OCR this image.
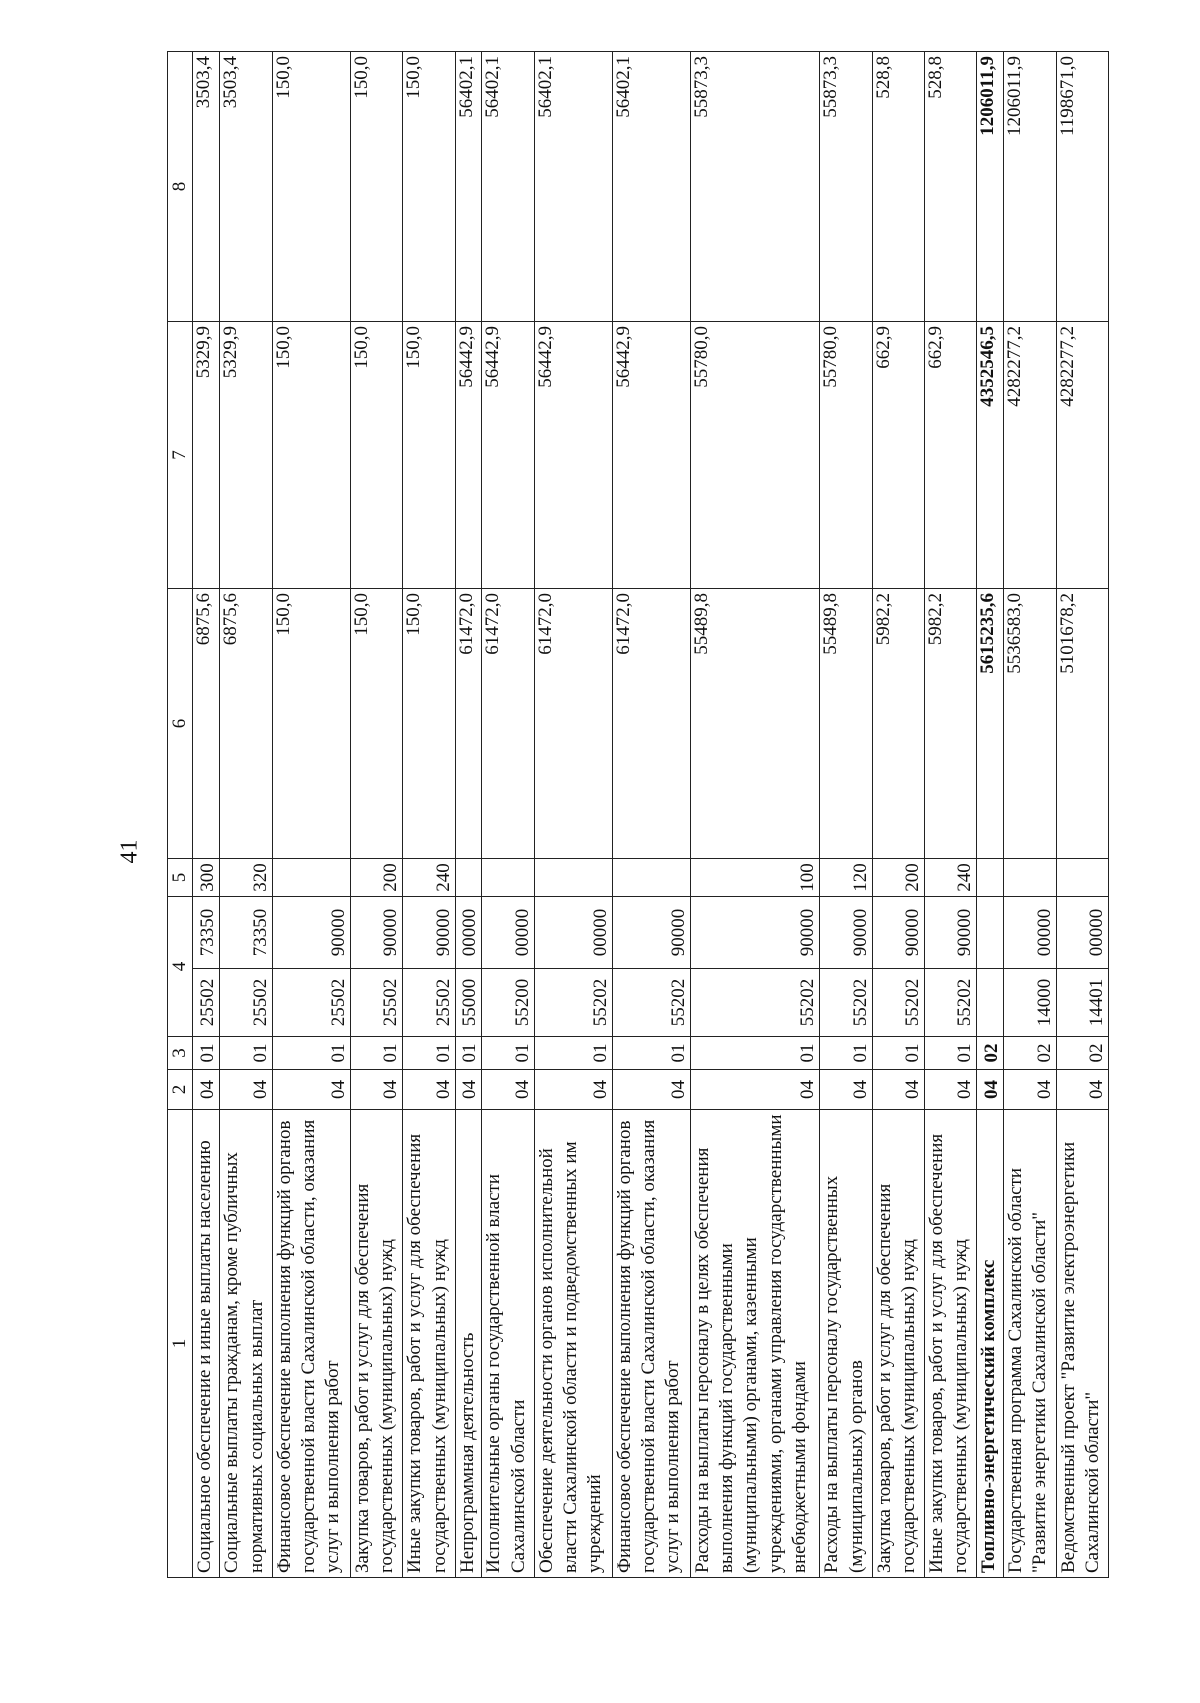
41
1	2	3	4		5	6	7	8
Социальное обеспечение и иные выплаты населению	04	01	25502	73350	300	6875,6	5329,9	3503,4
Социальные выплаты гражданам, кроме публичных нормативных социальных выплат	04	01	25502	73350	320	6875,6	5329,9	3503,4
Финансовое обеспечение выполнения функций органов государственной власти Сахалинской области, оказания услуг и выполнения работ	04	01	25502	90000		150,0	150,0	150,0
Закупка товаров, работ и услуг для обеспечения государственных (муниципальных) нужд	04	01	25502	90000	200	150,0	150,0	150,0
Иные закупки товаров, работ и услуг для обеспечения государственных (муниципальных) нужд	04	01	25502	90000	240	150,0	150,0	150,0
Непрограммная деятельность	04	01	55000	00000		61472,0	56442,9	56402,1
Исполнительные органы государственной власти Сахалинской области	04	01	55200	00000		61472,0	56442,9	56402,1
Обеспечение деятельности органов исполнительной власти Сахалинской области и подведомственных им учреждений	04	01	55202	00000		61472,0	56442,9	56402,1
Финансовое обеспечение выполнения функций органов государственной власти Сахалинской области, оказания услуг и выполнения работ	04	01	55202	90000		61472,0	56442,9	56402,1
Расходы на выплаты персоналу в целях обеспечения выполнения функций государственными (муниципальными) органами, казенными учреждениями, органами управления государственными внебюджетными фондами	04	01	55202	90000	100	55489,8	55780,0	55873,3
Расходы на выплаты персоналу государственных (муниципальных) органов	04	01	55202	90000	120	55489,8	55780,0	55873,3
Закупка товаров, работ и услуг для обеспечения государственных (муниципальных) нужд	04	01	55202	90000	200	5982,2	662,9	528,8
Иные закупки товаров, работ и услуг для обеспечения государственных (муниципальных) нужд	04	01	55202	90000	240	5982,2	662,9	528,8
Топливно-энергетический комплекс	04	02				5615235,6	4352546,5	1206011,9
Государственная программа Сахалинской области "Развитие энергетики Сахалинской области"	04	02	14000	00000		5536583,0	4282277,2	1206011,9
Ведомственный проект "Развитие электроэнергетики Сахалинской области"	04	02	14401	00000		5101678,2	4282277,2	1198671,0
